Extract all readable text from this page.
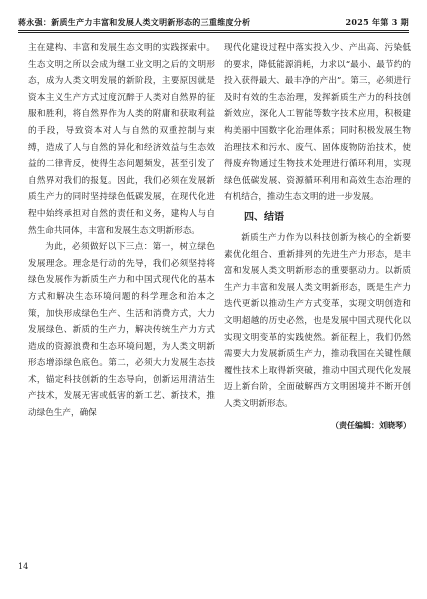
蒋永强：新质生产力丰富和发展人类文明新形态的三重维度分析	2025 年第 3 期

主在建构、丰富和发展生态文明的实践探索中。生态文明之所以会成为继工业文明之后的文明形态，成为人类文明发展的新阶段，主要原因就是资本主义生产方式过度沉醉于人类对自然界的征服和胜利，将自然界作为人类的附庸和获取利益的手段，导致资本对人与自然的双重控制与束缚，造成了人与自然的异化和经济效益与生态效益的二律背反，使得生态问题频发，甚至引发了自然界对我们的报复。因此，我们必须在发展新质生产力的同时坚持绿色低碳发展，在现代化进程中始终承担对自然的责任和义务，建构人与自然生命共同体，丰富和发展生态文明新形态。

为此，必须做好以下三点：第一，树立绿色发展理念。理念是行动的先导，我们必须坚持将绿色发展作为新质生产力和中国式现代化的基本方式和解决生态环境问题的科学理念和治本之策，加快形成绿色生产、生活和消费方式，大力发展绿色、新质的生产力，解决传统生产力方式造成的资源浪费和生态环境问题，为人类文明新形态增添绿色底色。第二，必须大力发展生态技术，锚定科技创新的生态导向，创新运用清洁生产技术，发展无害或低害的新工艺、新技术，推动绿色生产，确保

现代化建设过程中落实投入少、产出高、污染低的要求，降低能源消耗，力求以“最小、最节约的投入获得最大、最丰净的产出”。第三，必须进行及时有效的生态治理，发挥新质生产力的科技创新效应，深化人工智能等数字技术应用，积极建构美丽中国数字化治理体系；同时积极发展生物治理技术和污水、废气、固体废物防治技术，使得废弃物通过生物技术处理进行循环利用，实现绿色低碳发展、资源循环利用和高效生态治理的有机结合，推动生态文明的进一步发展。

四、结语

新质生产力作为以科技创新为核心的全新要素优化组合、重新排列的先进生产力形态，是丰富和发展人类文明新形态的重要驱动力。以新质生产力丰富和发展人类文明新形态，既是生产力迭代更新以推动生产方式变革，实现文明创造和文明超越的历史必然，也是发展中国式现代化以实现文明变革的实践使然。新征程上，我们仍然需要大力发展新质生产力，推动我国在关键性颠覆性技术上取得新突破，推动中国式现代化发展迈上新台阶，全面破解西方文明困境并不断开创人类文明新形态。

（责任编辑：刘晓琴）
14
